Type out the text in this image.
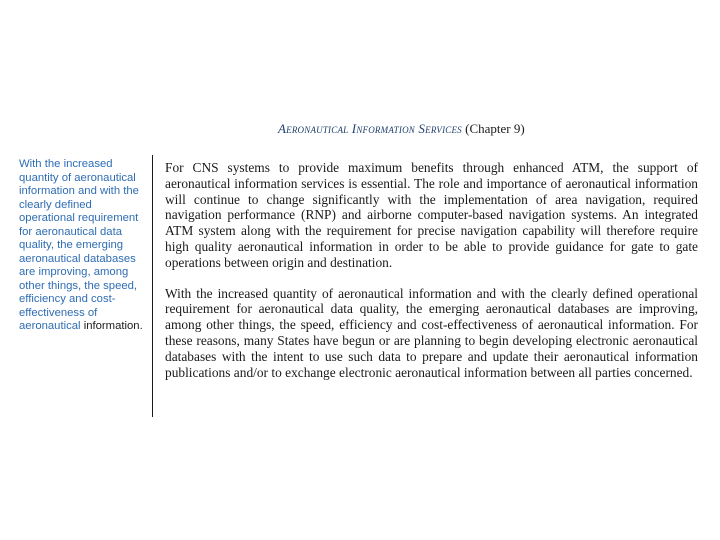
Aeronautical Information Services (Chapter 9)
With the increased quantity of aeronautical information and with the clearly defined operational requirement for aeronautical data quality, the emerging aeronautical databases are improving, among other things, the speed, efficiency and cost-effectiveness of aeronautical information.

For CNS systems to provide maximum benefits through enhanced ATM, the support of aeronautical information services is essential. The role and importance of aeronautical information will continue to change significantly with the implementation of area navigation, required navigation performance (RNP) and airborne computer-based navigation systems. An integrated ATM system along with the requirement for precise navigation capability will therefore require high quality aeronautical information in order to be able to provide guidance for gate to gate operations between origin and destination.

With the increased quantity of aeronautical information and with the clearly defined operational requirement for aeronautical data quality, the emerging aeronautical databases are improving, among other things, the speed, efficiency and cost-effectiveness of aeronautical information. For these reasons, many States have begun or are planning to begin developing electronic aeronautical databases with the intent to use such data to prepare and update their aeronautical information publications and/or to exchange electronic aeronautical information between all parties concerned.
